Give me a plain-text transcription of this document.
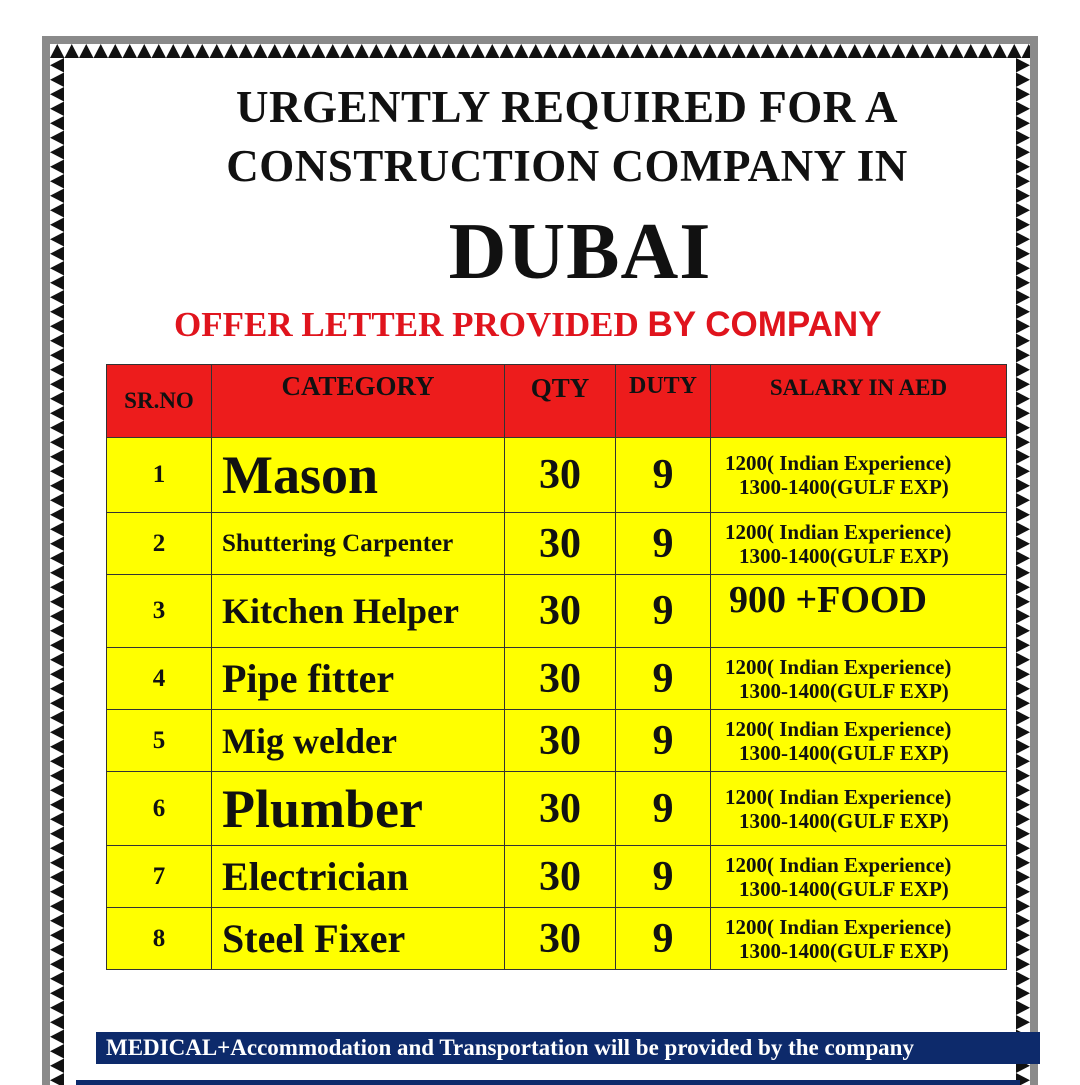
URGENTLY REQUIRED FOR A
CONSTRUCTION COMPANY IN
DUBAI
OFFER LETTER PROVIDED BY COMPANY
SR.NO	CATEGORY	QTY	DUTY	SALARY IN AED
1	Mason	30	9	1200( Indian Experience)
1300-1400(GULF EXP)

2	Shuttering Carpenter	30	9	1200( Indian Experience)
1300-1400(GULF EXP)

3	Kitchen Helper	30	9	900 +FOOD

4	Pipe fitter	30	9	1200( Indian Experience)
1300-1400(GULF EXP)

5	Mig welder	30	9	1200( Indian Experience)
1300-1400(GULF EXP)

6	Plumber	30	9	1200( Indian Experience)
1300-1400(GULF EXP)

7	Electrician	30	9	1200( Indian Experience)
1300-1400(GULF EXP)

8	Steel Fixer	30	9	1200( Indian Experience)
1300-1400(GULF EXP)
MEDICAL+Accommodation and Transportation will be provided by the company
